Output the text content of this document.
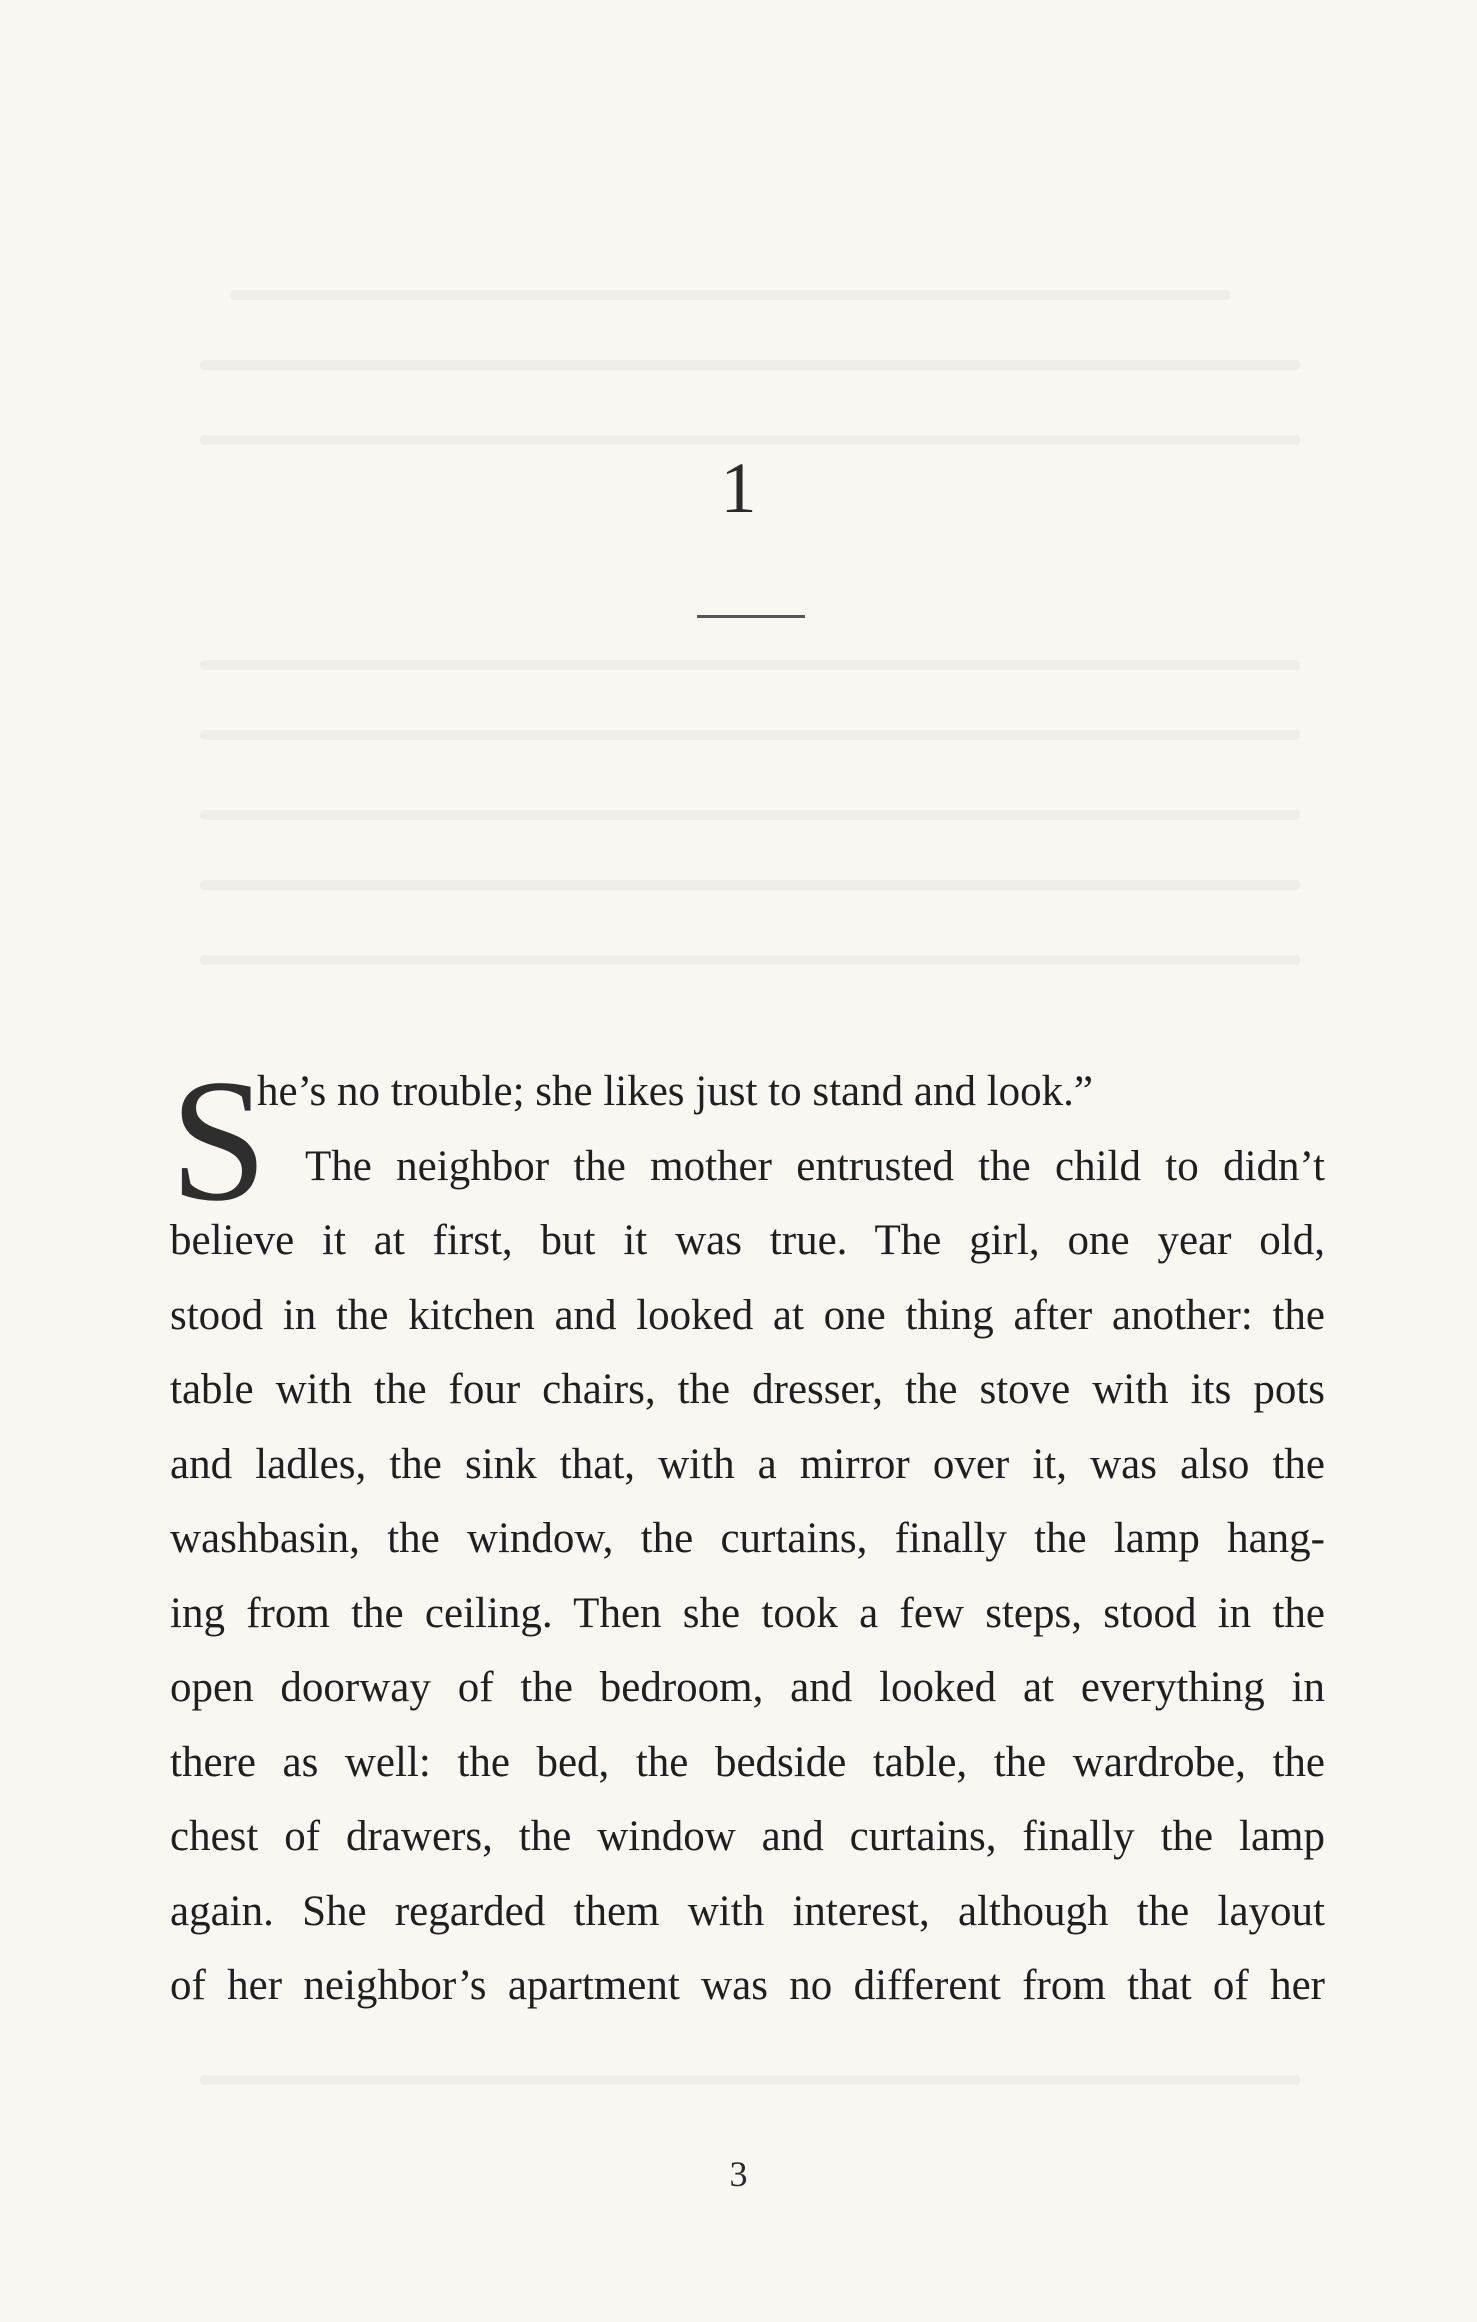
1
S
he’s no trouble; she likes just to stand and look.”
The neighbor the mother entrusted the child to didn’t
believe it at first, but it was true. The girl, one year old,
stood in the kitchen and looked at one thing after another: the
table with the four chairs, the dresser, the stove with its pots
and ladles, the sink that, with a mirror over it, was also the
washbasin, the window, the curtains, finally the lamp hang-
ing from the ceiling. Then she took a few steps, stood in the
open doorway of the bedroom, and looked at everything in
there as well: the bed, the bedside table, the wardrobe, the
chest of drawers, the window and curtains, finally the lamp
again. She regarded them with interest, although the layout
of her neighbor’s apartment was no different from that of her
3
